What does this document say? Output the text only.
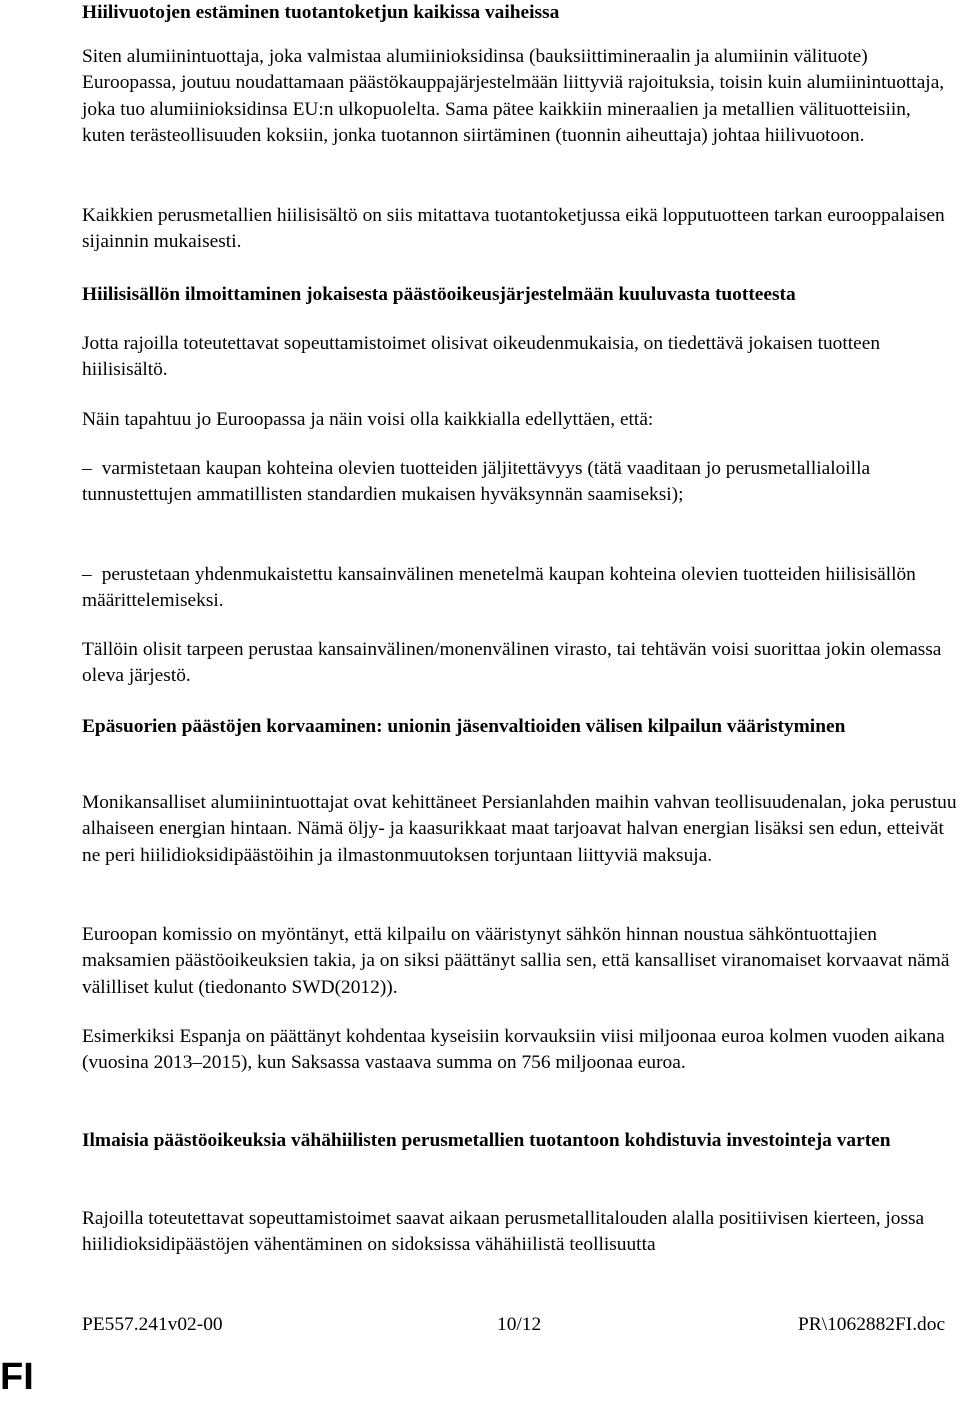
Hiilivuotojen estäminen tuotantoketjun kaikissa vaiheissa
Siten alumiinintuottaja, joka valmistaa alumiinioksidinsa (bauksiittimineraalin ja alumiinin välituote) Euroopassa, joutuu noudattamaan päästökauppajärjestelmään liittyviä rajoituksia, toisin kuin alumiinintuottaja, joka tuo alumiinioksidinsa EU:n ulkopuolelta. Sama pätee kaikkiin mineraalien ja metallien välituotteisiin, kuten terästeollisuuden koksiin, jonka tuotannon siirtäminen (tuonnin aiheuttaja) johtaa hiilivuotoon.
Kaikkien perusmetallien hiilisisältö on siis mitattava tuotantoketjussa eikä lopputuotteen tarkan eurooppalaisen sijainnin mukaisesti.
Hiilisisällön ilmoittaminen jokaisesta päästöoikeusjärjestelmään kuuluvasta tuotteesta
Jotta rajoilla toteutettavat sopeuttamistoimet olisivat oikeudenmukaisia, on tiedettävä jokaisen tuotteen hiilisisältö.
Näin tapahtuu jo Euroopassa ja näin voisi olla kaikkialla edellyttäen, että:
– varmistetaan kaupan kohteina olevien tuotteiden jäljitettävyys (tätä vaaditaan jo perusmetallialoilla tunnustettujen ammatillisten standardien mukaisen hyväksynnän saamiseksi);
– perustetaan yhdenmukaistettu kansainvälinen menetelmä kaupan kohteina olevien tuotteiden hiilisisällön määrittelemiseksi.
Tällöin olisit tarpeen perustaa kansainvälinen/monenvälinen virasto, tai tehtävän voisi suorittaa jokin olemassa oleva järjestö.
Epäsuorien päästöjen korvaaminen: unionin jäsenvaltioiden välisen kilpailun vääristyminen
Monikansalliset alumiinintuottajat ovat kehittäneet Persianlahden maihin vahvan teollisuudenalan, joka perustuu alhaiseen energian hintaan. Nämä öljy- ja kaasurikkaat maat tarjoavat halvan energian lisäksi sen edun, etteivät ne peri hiilidioksidipäästöihin ja ilmastonmuutoksen torjuntaan liittyviä maksuja.
Euroopan komissio on myöntänyt, että kilpailu on vääristynyt sähkön hinnan noustua sähköntuottajien maksamien päästöoikeuksien takia, ja on siksi päättänyt sallia sen, että kansalliset viranomaiset korvaavat nämä välilliset kulut (tiedonanto SWD(2012)).
Esimerkiksi Espanja on päättänyt kohdentaa kyseisiin korvauksiin viisi miljoonaa euroa kolmen vuoden aikana (vuosina 2013–2015), kun Saksassa vastaava summa on 756 miljoonaa euroa.
Ilmaisia päästöoikeuksia vähähiilisten perusmetallien tuotantoon kohdistuvia investointeja varten
Rajoilla toteutettavat sopeuttamistoimet saavat aikaan perusmetallitalouden alalla positiivisen kierteen, jossa hiilidioksidipäästöjen vähentäminen on sidoksissa vähähiilistä teollisuutta
PE557.241v02-00	10/12	PR\1062882FI.doc
FI
